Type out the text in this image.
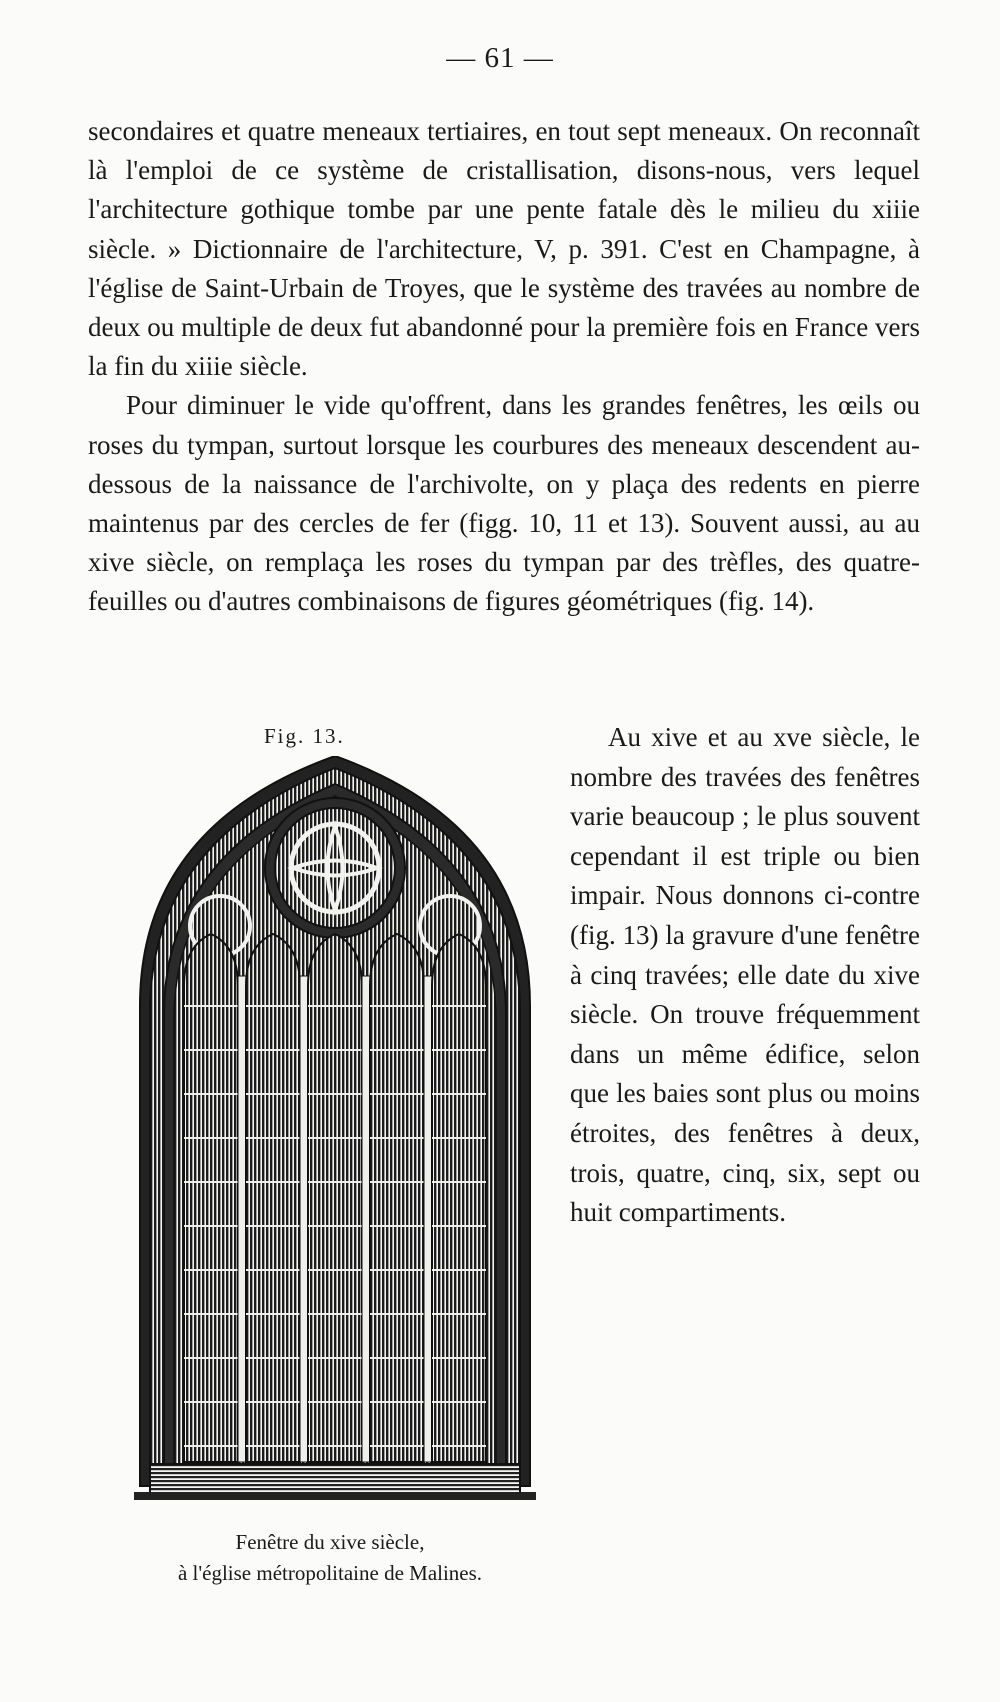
— 61 —

secondaires et quatre meneaux tertiaires, en tout sept meneaux. On reconnaît là l'emploi de ce système de cristallisation, disons-nous, vers lequel l'architecture gothique tombe par une pente fatale dès le milieu du xiiie siècle. » Dictionnaire de l'architecture, V, p. 391. C'est en Champagne, à l'église de Saint-Urbain de Troyes, que le système des travées au nombre de deux ou multiple de deux fut abandonné pour la première fois en France vers la fin du xiiie siècle.

Pour diminuer le vide qu'offrent, dans les grandes fenêtres, les œils ou roses du tympan, surtout lorsque les courbures des meneaux descendent au-dessous de la naissance de l'archivolte, on y plaça des redents en pierre maintenus par des cercles de fer (figg. 10, 11 et 13). Souvent aussi, au au xive siècle, on remplaça les roses du tympan par des trèfles, des quatre-feuilles ou d'autres combinaisons de figures géométriques (fig. 14).

Fig. 13.	Au xive et au xve siècle, le nombre des travées des fenêtres varie beaucoup ; le plus souvent cependant il est triple ou bien impair. Nous donnons ci-contre (fig. 13) la gravure d'une fenêtre à cinq travées; elle date du xive siècle. On trouve fréquemment dans un même édifice, selon que les baies sont plus ou moins étroites, des fenêtres à deux, trois, quatre, cinq, six, sept ou huit compartiments.

Fenêtre du xive siècle,
à l'église métropolitaine de Malines.
